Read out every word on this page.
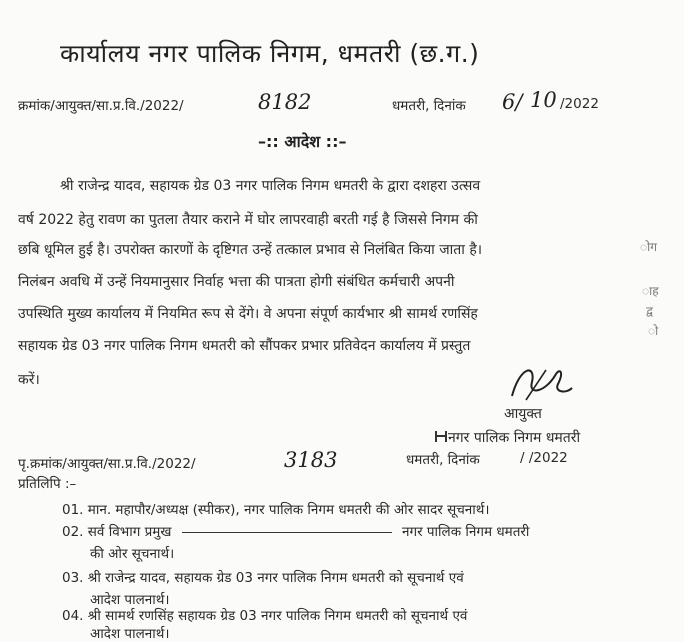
कार्यालय नगर पालिक निगम, धमतरी (छ.ग.)
क्रमांक/आयुक्त/सा.प्र.वि./2022/	8182	धमतरी, दिनांक 6/ 10 /2022
–:: आदेश ::–
श्री राजेन्द्र यादव, सहायक ग्रेड 03 नगर पालिक निगम धमतरी के द्वारा दशहरा उत्सव
वर्ष 2022 हेतु रावण का पुतला तैयार कराने में घोर लापरवाही बरती गई है जिससे निगम की
छबि धूमिल हुई है। उपरोक्त कारणों के दृष्टिगत उन्हें तत्काल प्रभाव से निलंबित किया जाता है।
निलंबन अवधि में उन्हें नियमानुसार निर्वाह भत्ता की पात्रता होगी संबंधित कर्मचारी अपनी
उपस्थिति मुख्य कार्यालय में नियमित रूप से देंगे। वे अपना संपूर्ण कार्यभार श्री सामर्थ रणसिंह
सहायक ग्रेड 03 नगर पालिक निगम धमतरी को सौंपकर प्रभार प्रतिवेदन कार्यालय में प्रस्तुत
करें।
आयुक्त
नगर पालिक निगम धमतरी
पृ.क्रमांक/आयुक्त/सा.प्र.वि./2022/	3183	धमतरी, दिनांक	/ /2022
प्रतिलिपि :–
01. मान. महापौर/अध्यक्ष (स्पीकर), नगर पालिक निगम धमतरी की ओर सादर सूचनार्थ।
02. सर्व विभाग प्रमुख	नगर पालिक निगम धमतरी
की ओर सूचनार्थ।
03. श्री राजेन्द्र यादव, सहायक ग्रेड 03 नगर पालिक निगम धमतरी को सूचनार्थ एवं
आदेश पालनार्थ।
04. श्री सामर्थ रणसिंह सहायक ग्रेड 03 नगर पालिक निगम धमतरी को सूचनार्थ एवं
आदेश पालनार्थ।
ोग
ाह
द्व
ो
